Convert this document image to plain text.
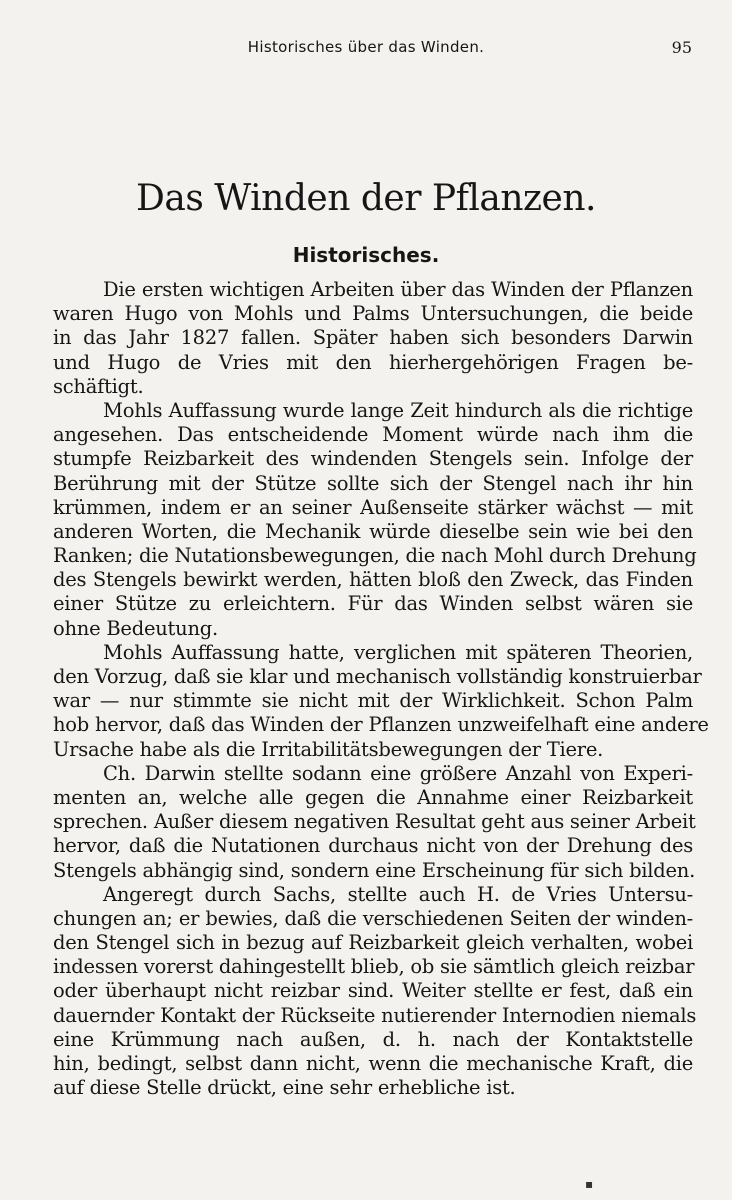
Historisches über das Winden.	95
Das Winden der Pflanzen.
Historisches.
Die ersten wichtigen Arbeiten über das Winden der Pflanzen
waren Hugo von Mohls und Palms Untersuchungen, die beide
in das Jahr 1827 fallen. Später haben sich besonders Darwin
und Hugo de Vries mit den hierhergehörigen Fragen be-
schäftigt.
Mohls Auffassung wurde lange Zeit hindurch als die richtige
angesehen. Das entscheidende Moment würde nach ihm die
stumpfe Reizbarkeit des windenden Stengels sein. Infolge der
Berührung mit der Stütze sollte sich der Stengel nach ihr hin
krümmen, indem er an seiner Außenseite stärker wächst — mit
anderen Worten, die Mechanik würde dieselbe sein wie bei den
Ranken; die Nutationsbewegungen, die nach Mohl durch Drehung
des Stengels bewirkt werden, hätten bloß den Zweck, das Finden
einer Stütze zu erleichtern. Für das Winden selbst wären sie
ohne Bedeutung.
Mohls Auffassung hatte, verglichen mit späteren Theorien,
den Vorzug, daß sie klar und mechanisch vollständig konstruierbar
war — nur stimmte sie nicht mit der Wirklichkeit. Schon Palm
hob hervor, daß das Winden der Pflanzen unzweifelhaft eine andere
Ursache habe als die Irritabilitätsbewegungen der Tiere.
Ch. Darwin stellte sodann eine größere Anzahl von Experi-
menten an, welche alle gegen die Annahme einer Reizbarkeit
sprechen. Außer diesem negativen Resultat geht aus seiner Arbeit
hervor, daß die Nutationen durchaus nicht von der Drehung des
Stengels abhängig sind, sondern eine Erscheinung für sich bilden.
Angeregt durch Sachs, stellte auch H. de Vries Untersu-
chungen an; er bewies, daß die verschiedenen Seiten der winden-
den Stengel sich in bezug auf Reizbarkeit gleich verhalten, wobei
indessen vorerst dahingestellt blieb, ob sie sämtlich gleich reizbar
oder überhaupt nicht reizbar sind. Weiter stellte er fest, daß ein
dauernder Kontakt der Rückseite nutierender Internodien niemals
eine Krümmung nach außen, d. h. nach der Kontaktstelle
hin, bedingt, selbst dann nicht, wenn die mechanische Kraft, die
auf diese Stelle drückt, eine sehr erhebliche ist.
▪
